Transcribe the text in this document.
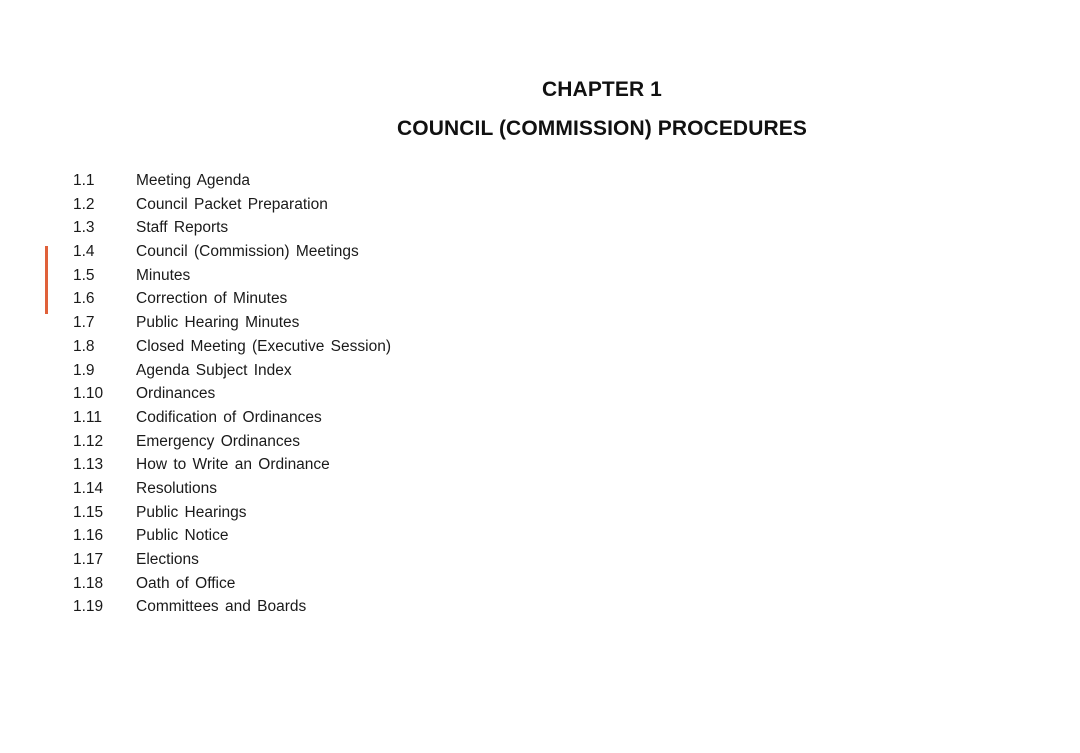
CHAPTER 1
COUNCIL (COMMISSION) PROCEDURES
1.1	Meeting Agenda
1.2	Council Packet Preparation
1.3	Staff Reports
1.4	Council (Commission) Meetings
1.5	Minutes
1.6	Correction of Minutes
1.7	Public Hearing Minutes
1.8	Closed Meeting (Executive Session)
1.9	Agenda Subject Index
1.10 Ordinances
1.11 Codification of Ordinances
1.12 Emergency Ordinances
1.13 How to Write an Ordinance
1.14 Resolutions
1.15 Public Hearings
1.16 Public Notice
1.17 Elections
1.18 Oath of Office
1.19 Committees and Boards
